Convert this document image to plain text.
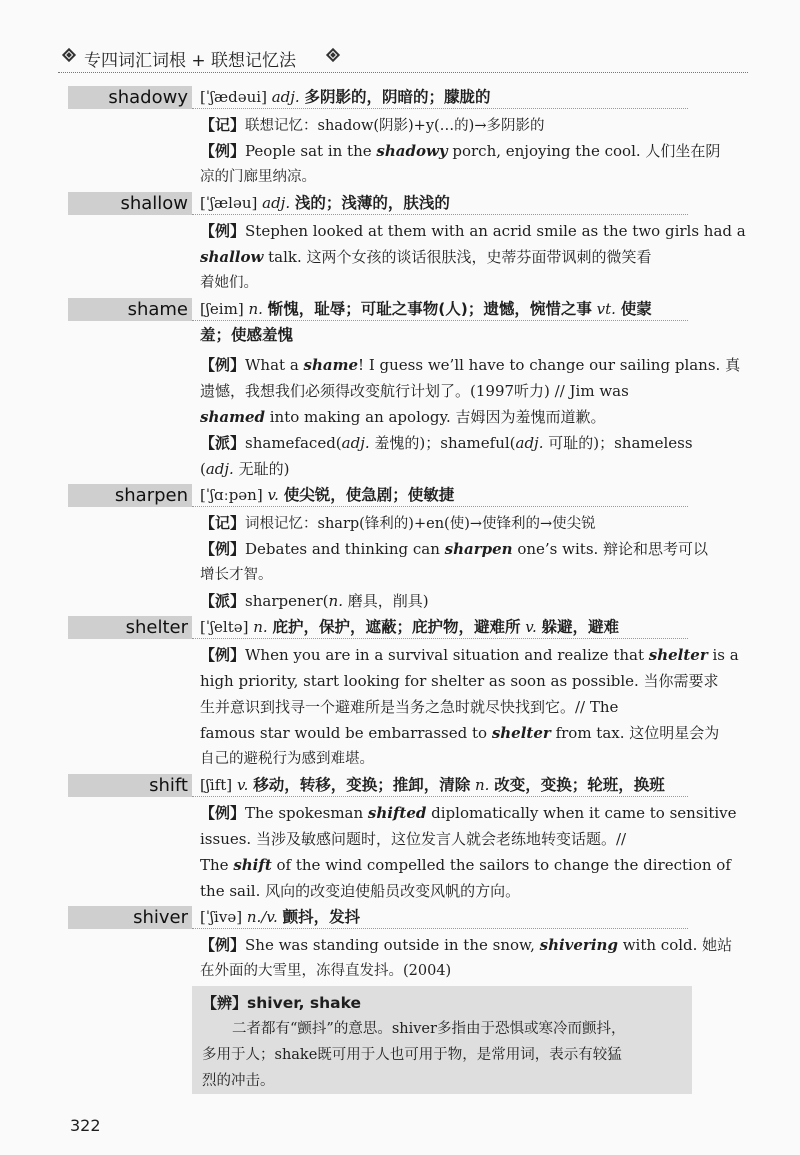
专四词汇词根 + 联想记忆法
shadowy [ˈʃædəui] adj. 多阴影的，阴暗的；朦胧的
【记】联想记忆：shadow(阴影)+y(…的)→多阴影的
【例】People sat in the shadowy porch, enjoying the cool. 人们坐在阴
凉的门廊里纳凉。
shallow [ˈʃæləu] adj. 浅的；浅薄的，肤浅的
【例】Stephen looked at them with an acrid smile as the two girls had a
shallow talk. 这两个女孩的谈话很肤浅，史蒂芬面带讽刺的微笑看
着她们。
shame [ʃeim] n. 惭愧，耻辱；可耻之事物(人)；遗憾，惋惜之事 vt. 使蒙
羞；使感羞愧
【例】What a shame! I guess we’ll have to change our sailing plans. 真
遗憾，我想我们必须得改变航行计划了。(1997听力) // Jim was
shamed into making an apology. 吉姆因为羞愧而道歉。
【派】shamefaced(adj. 羞愧的)；shameful(adj. 可耻的)；shameless
(adj. 无耻的)
sharpen [ˈʃɑːpən] v. 使尖锐，使急剧；使敏捷
【记】词根记忆：sharp(锋利的)+en(使)→使锋利的→使尖锐
【例】Debates and thinking can sharpen one’s wits. 辩论和思考可以
增长才智。
【派】sharpener(n. 磨具，削具)
shelter [ˈʃeltə] n. 庇护，保护，遮蔽；庇护物，避难所 v. 躲避，避难
【例】When you are in a survival situation and realize that shelter is a
high priority, start looking for shelter as soon as possible. 当你需要求
生并意识到找寻一个避难所是当务之急时就尽快找到它。// The
famous star would be embarrassed to shelter from tax. 这位明星会为
自己的避税行为感到难堪。
shift [ʃift] v. 移动，转移，变换；推卸，清除 n. 改变，变换；轮班，换班
【例】The spokesman shifted diplomatically when it came to sensitive
issues. 当涉及敏感问题时，这位发言人就会老练地转变话题。//
The shift of the wind compelled the sailors to change the direction of
the sail. 风向的改变迫使船员改变风帆的方向。
shiver [ˈʃivə] n./v. 颤抖，发抖
【例】She was standing outside in the snow, shivering with cold. 她站
在外面的大雪里，冻得直发抖。(2004)
【辨】shiver, shake
二者都有“颤抖”的意思。shiver多指由于恐惧或寒冷而颤抖，
多用于人；shake既可用于人也可用于物，是常用词，表示有较猛
烈的冲击。
322
